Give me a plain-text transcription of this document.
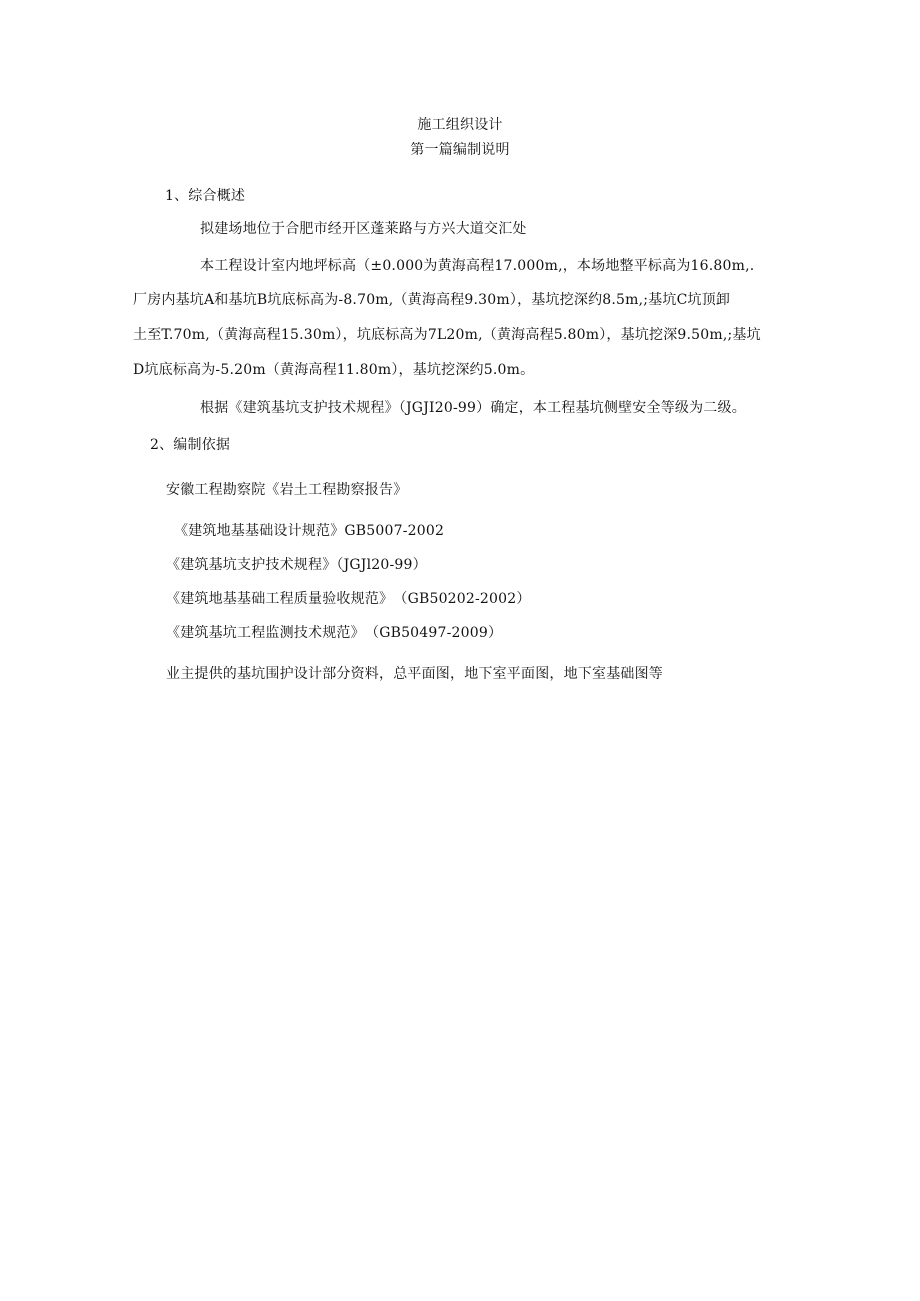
施工组织设计
第一篇编制说明
1、综合概述
拟建场地位于合肥市经开区蓬莱路与方兴大道交汇处
本工程设计室内地坪标高（±0.000为黄海高程17.000m,，本场地整平标高为16.80m,.
厂房内基坑A和基坑B坑底标高为-8.70m,（黄海高程9.30m），基坑挖深约8.5m,;基坑C坑顶卸
土至T.70m,（黄海高程15.30m），坑底标高为7L20m,（黄海高程5.80m），基坑挖深9.50m,;基坑
D坑底标高为-5.20m（黄海高程11.80m），基坑挖深约5.0m。
根据《建筑基坑支护技术规程》（JGJI20-99）确定，本工程基坑侧壁安全等级为二级。
2、编制依据
安徽工程勘察院《岩土工程勘察报告》
《建筑地基基础设计规范》GB5007-2002
《建筑基坑支护技术规程》（JGJl20-99）
《建筑地基基础工程质量验收规范》　（GB50202-2002）
《建筑基坑工程监测技术规范》　（GB50497-2009）
业主提供的基坑围护设计部分资料，总平面图，地下室平面图，地下室基础图等
